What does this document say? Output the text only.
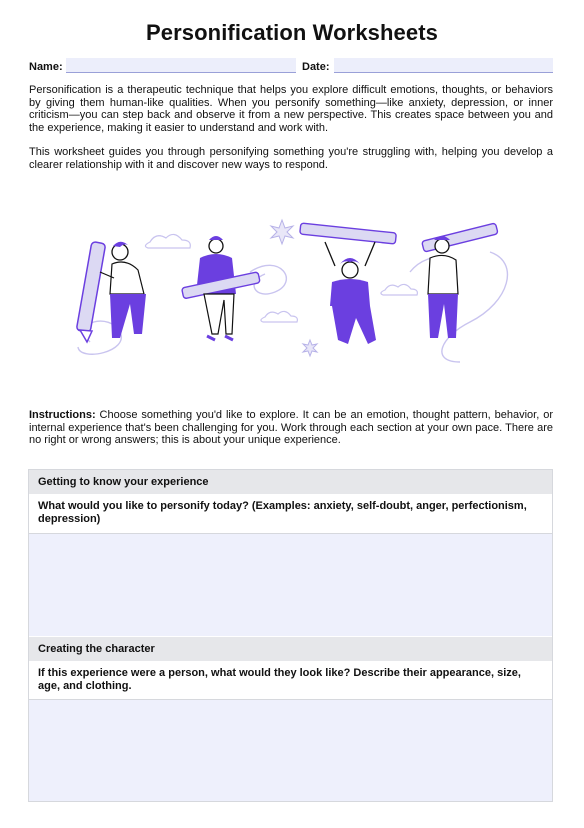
Personification Worksheets
Name:	Date:

Personification is a therapeutic technique that helps you explore difficult emotions, thoughts, or behaviors by giving them human-like qualities. When you personify something—like anxiety, depression, or inner criticism—you can step back and observe it from a new perspective. This creates space between you and the experience, making it easier to understand and work with.

This worksheet guides you through personifying something you're struggling with, helping you develop a clearer relationship with it and discover new ways to respond.

Instructions: Choose something you'd like to explore. It can be an emotion, thought pattern, behavior, or internal experience that's been challenging for you. Work through each section at your own pace. There are no right or wrong answers; this is about your unique experience.

Getting to know your experience
What would you like to personify today? (Examples: anxiety, self-doubt, anger, perfectionism, depression)
Creating the character
If this experience were a person, what would they look like? Describe their appearance, size, age, and clothing.
